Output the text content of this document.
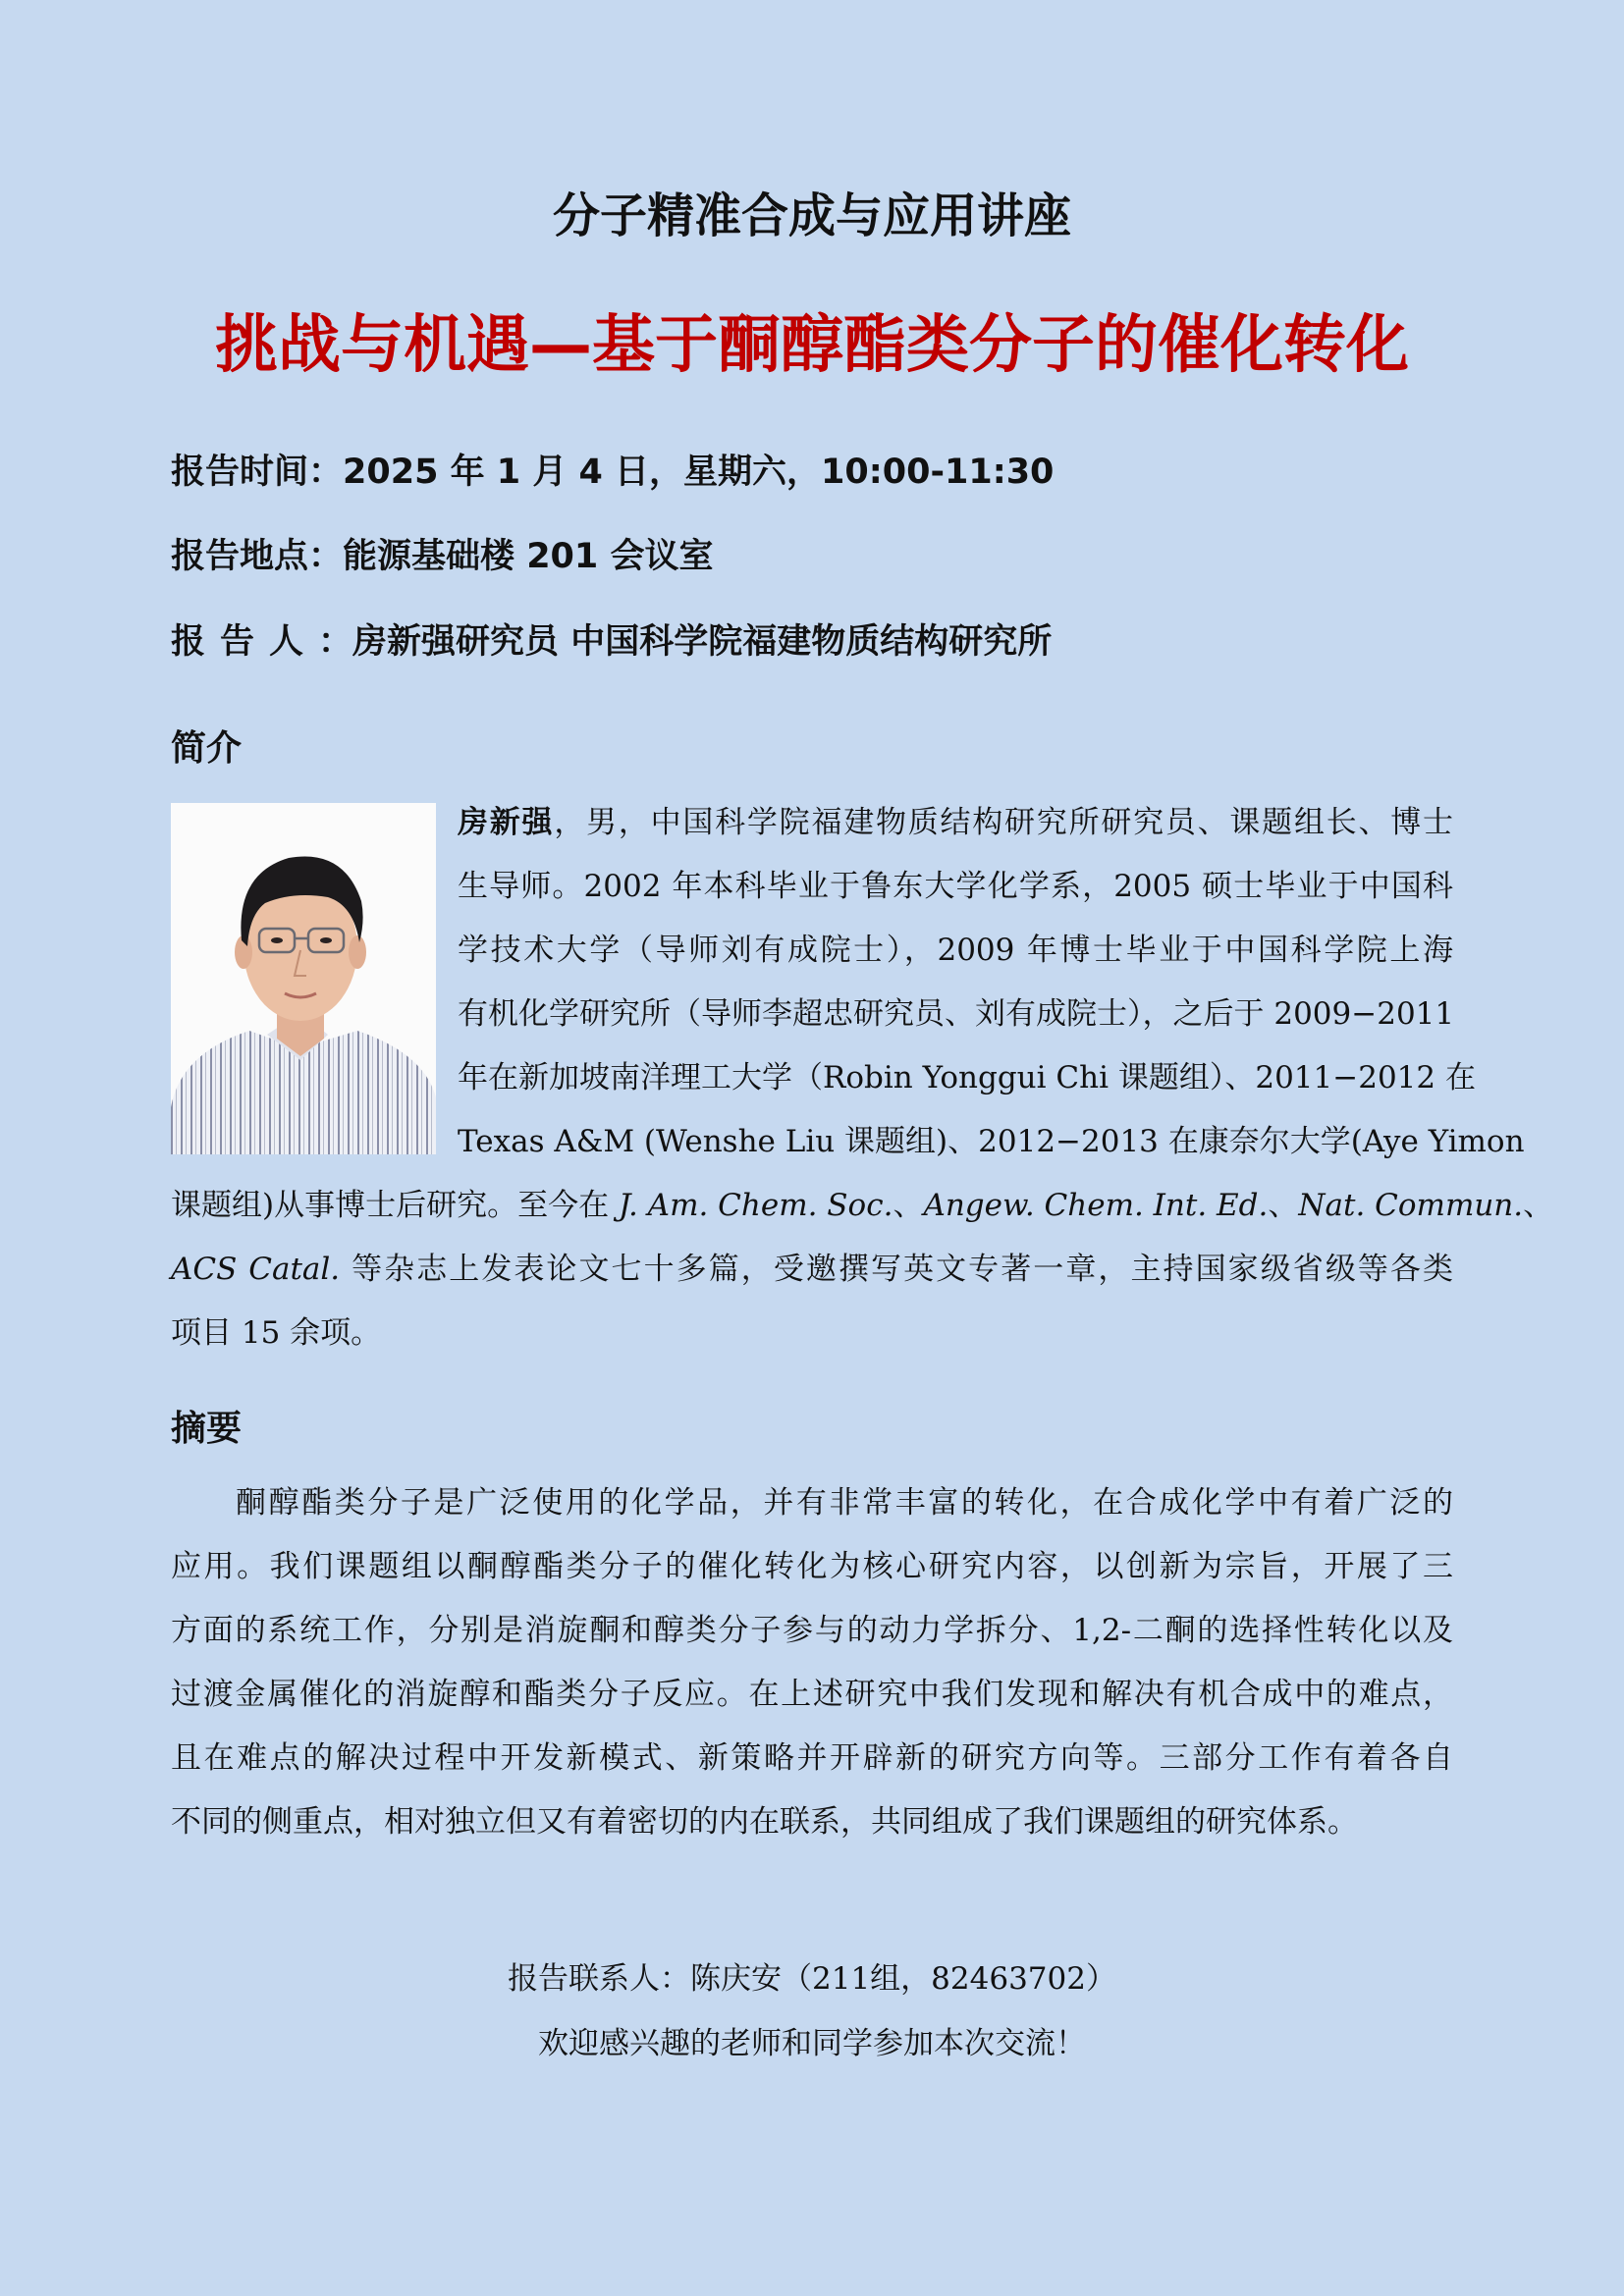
分子精准合成与应用讲座
挑战与机遇—基于酮醇酯类分子的催化转化
报告时间：2025 年 1 月 4 日，星期六，10:00-11:30
报告地点：能源基础楼 201 会议室
报告人：房新强研究员 中国科学院福建物质结构研究所
简介
房新强，男，中国科学院福建物质结构研究所研究员、课题组长、博士
生导师。2002 年本科毕业于鲁东大学化学系，2005 硕士毕业于中国科
学技术大学（导师刘有成院士），2009 年博士毕业于中国科学院上海
有机化学研究所（导师李超忠研究员、刘有成院士），之后于 2009−2011
年在新加坡南洋理工大学（Robin Yonggui Chi 课题组）、2011−2012 在
Texas A&M (Wenshe Liu 课题组)、2012−2013 在康奈尔大学(Aye Yimon
课题组)从事博士后研究。至今在 J. Am. Chem. Soc.、Angew. Chem. Int. Ed.、Nat. Commun.、
ACS Catal. 等杂志上发表论文七十多篇，受邀撰写英文专著一章，主持国家级省级等各类
项目 15 余项。
摘要
酮醇酯类分子是广泛使用的化学品，并有非常丰富的转化，在合成化学中有着广泛的
应用。我们课题组以酮醇酯类分子的催化转化为核心研究内容，以创新为宗旨，开展了三
方面的系统工作，分别是消旋酮和醇类分子参与的动力学拆分、1,2-二酮的选择性转化以及
过渡金属催化的消旋醇和酯类分子反应。在上述研究中我们发现和解决有机合成中的难点，
且在难点的解决过程中开发新模式、新策略并开辟新的研究方向等。三部分工作有着各自
不同的侧重点，相对独立但又有着密切的内在联系，共同组成了我们课题组的研究体系。
报告联系人：陈庆安（211组，82463702）
欢迎感兴趣的老师和同学参加本次交流！
